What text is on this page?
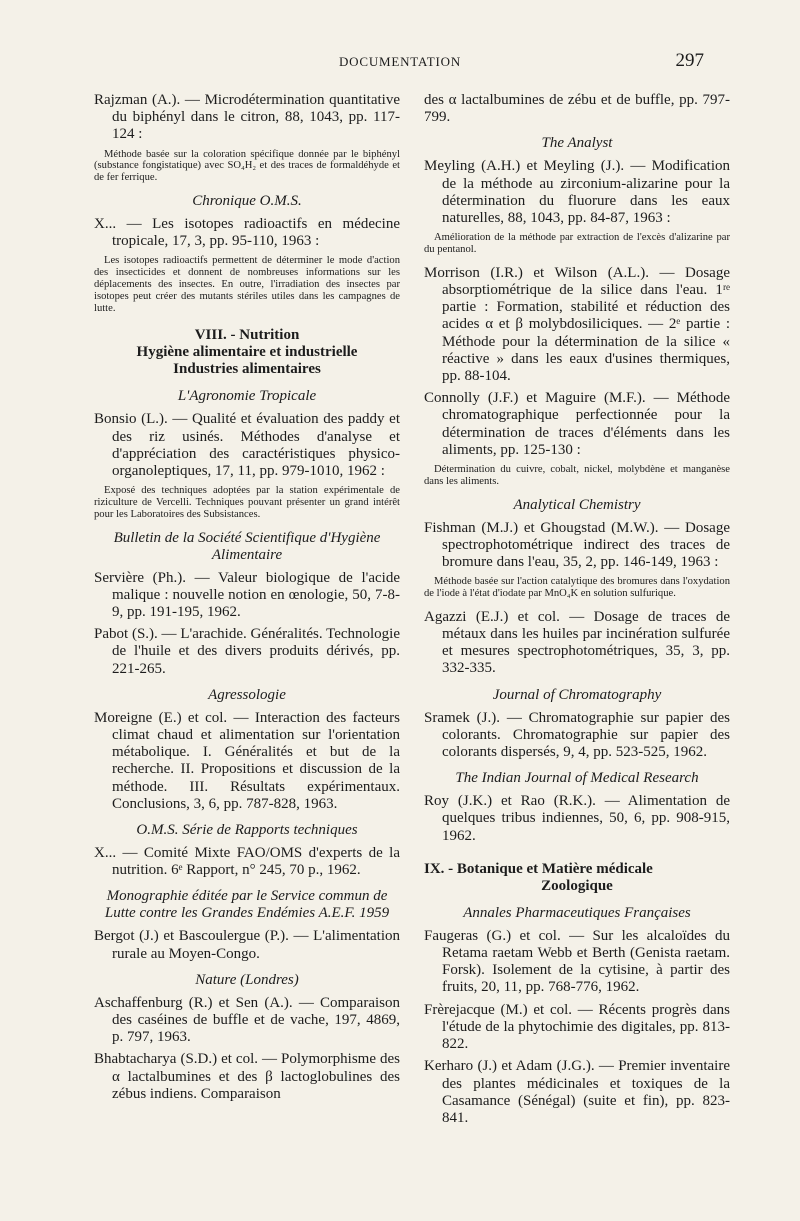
DOCUMENTATION	297

Rajzman (A.). — Microdétermination quantitative du biphényl dans le citron, 88, 1043, pp. 117-124 :

Méthode basée sur la coloration spécifique donnée par le biphényl (substance fongistatique) avec SO₄H₂ et des traces de formaldéhyde et de fer ferrique.

Chronique O.M.S.

X... — Les isotopes radioactifs en médecine tropicale, 17, 3, pp. 95-110, 1963 :

Les isotopes radioactifs permettent de déterminer le mode d'action des insecticides et donnent de nombreuses informations sur les déplacements des insectes. En outre, l'irradiation des insectes par isotopes peut créer des mutants stériles utiles dans les campagnes de lutte.

VIII. - Nutrition
Hygiène alimentaire et industrielle
Industries alimentaires

L'Agronomie Tropicale

Bonsio (L.). — Qualité et évaluation des paddy et des riz usinés. Méthodes d'analyse et d'appréciation des caractéristiques physico-organoleptiques, 17, 11, pp. 979-1010, 1962 :

Exposé des techniques adoptées par la station expérimentale de riziculture de Vercelli. Techniques pouvant présenter un grand intérêt pour les Laboratoires des Subsistances.

Bulletin de la Société Scientifique d'Hygiène Alimentaire

Servière (Ph.). — Valeur biologique de l'acide malique : nouvelle notion en œnologie, 50, 7-8-9, pp. 191-195, 1962.

Pabot (S.). — L'arachide. Généralités. Technologie de l'huile et des divers produits dérivés, pp. 221-265.

Agressologie

Moreigne (E.) et col. — Interaction des facteurs climat chaud et alimentation sur l'orientation métabolique. I. Généralités et but de la recherche. II. Propositions et discussion de la méthode. III. Résultats expérimentaux. Conclusions, 3, 6, pp. 787-828, 1963.

O.M.S. Série de Rapports techniques

X... — Comité Mixte FAO/OMS d'experts de la nutrition. 6ᵉ Rapport, n° 245, 70 p., 1962.

Monographie éditée par le Service commun de Lutte contre les Grandes Endémies A.E.F. 1959

Bergot (J.) et Bascoulergue (P.). — L'alimentation rurale au Moyen-Congo.

Nature (Londres)

Aschaffenburg (R.) et Sen (A.). — Comparaison des caséines de buffle et de vache, 197, 4869, p. 797, 1963.

Bhabtacharya (S.D.) et col. — Polymorphisme des α lactalbumines et des β lactoglobulines des zébus indiens. Comparaison

des α lactalbumines de zébu et de buffle, pp. 797-799.

The Analyst

Meyling (A.H.) et Meyling (J.). — Modification de la méthode au zirconium-alizarine pour la détermination du fluorure dans les eaux naturelles, 88, 1043, pp. 84-87, 1963 :

Amélioration de la méthode par extraction de l'excès d'alizarine par du pentanol.

Morrison (I.R.) et Wilson (A.L.). — Dosage absorptiométrique de la silice dans l'eau. 1ʳᵉ partie : Formation, stabilité et réduction des acides α et β molybdosiliciques. — 2ᵉ partie : Méthode pour la détermination de la silice « réactive » dans les eaux d'usines thermiques, pp. 88-104.

Connolly (J.F.) et Maguire (M.F.). — Méthode chromatographique perfectionnée pour la détermination de traces d'éléments dans les aliments, pp. 125-130 :

Détermination du cuivre, cobalt, nickel, molybdène et manganèse dans les aliments.

Analytical Chemistry

Fishman (M.J.) et Ghougstad (M.W.). — Dosage spectrophotométrique indirect des traces de bromure dans l'eau, 35, 2, pp. 146-149, 1963 :

Méthode basée sur l'action catalytique des bromures dans l'oxydation de l'iode à l'état d'iodate par MnO₄K en solution sulfurique.

Agazzi (E.J.) et col. — Dosage de traces de métaux dans les huiles par incinération sulfurée et mesures spectrophotométriques, 35, 3, pp. 332-335.

Journal of Chromatography

Sramek (J.). — Chromatographie sur papier des colorants. Chromatographie sur papier des colorants dispersés, 9, 4, pp. 523-525, 1962.

The Indian Journal of Medical Research

Roy (J.K.) et Rao (R.K.). — Alimentation de quelques tribus indiennes, 50, 6, pp. 908-915, 1962.

IX. - Botanique et Matière médicale
Zoologique

Annales Pharmaceutiques Françaises

Faugeras (G.) et col. — Sur les alcaloïdes du Retama raetam Webb et Berth (Genista raetam. Forsk). Isolement de la cytisine, à partir des fruits, 20, 11, pp. 768-776, 1962.

Frèrejacque (M.) et col. — Récents progrès dans l'étude de la phytochimie des digitales, pp. 813-822.

Kerharo (J.) et Adam (J.G.). — Premier inventaire des plantes médicinales et toxiques de la Casamance (Sénégal) (suite et fin), pp. 823-841.
